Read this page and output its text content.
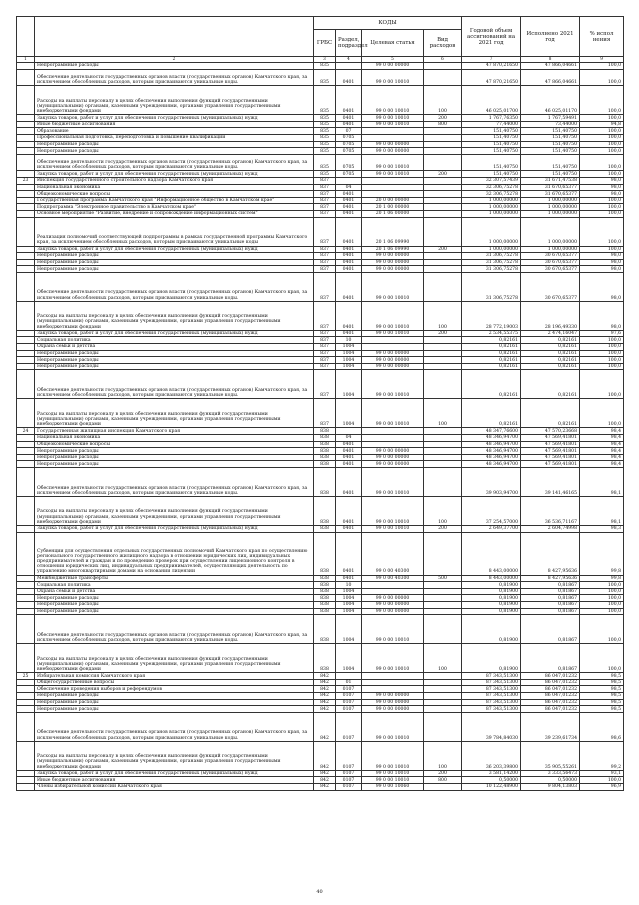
		КОДЫ				Годовой объем ассигнований на 2021 год	Исполнено 2021 год	% испол нения
		ГРБС	Раздел, подраздел	Целевая статья	Вид расходов			
1	2	3	4	5	6	7	8	9
	Непрограммные расходы	835		99 0 00 00000		47 870,21650	47 866,04661	100,0
	Обеспечение деятельности государственных органов власти (государственных органов) Камчатского края, за исключением обособленных расходов, которым присваиваются уникальные коды.	835	0401	99 0 00 10010		47 870,21650	47 866,04661	100,0
	Расходы на выплаты персоналу в целях обеспечения выполнения функций государственными (муниципальными) органами, казенными учреждениями, органами управления государственными внебюджетными фондами	835	0401	99 0 00 10010	100	46 025,01700	46 025,01170	100,0
	Закупка товаров, работ и услуг для обеспечения государственных (муниципальных) нужд	835	0401	99 0 00 10010	200	1 767,76350	1 767,59491	100,0
	Иные бюджетные ассигнования	835	0401	99 0 00 10010	800	77,44000	73,44000	94,8
	Образование	835	07			151,40750	151,40750	100,0
	Профессиональная подготовка, переподготовка и повышение квалификации	835	0705			151,40750	151,40750	100,0
	Непрограммные расходы	835	0705	99 0 00 00000		151,40750	151,40750	100,0
	Непрограммные расходы	835	0705	99 0 00 00000		151,40750	151,40750	100,0
	Обеспечение деятельности государственных органов власти (государственных органов) Камчатского края, за исключением обособленных расходов, которым присваиваются уникальные коды.	835	0705	99 0 00 10010		151,40750	151,40750	100,0
	Закупка товаров, работ и услуг для обеспечения государственных (муниципальных) нужд	835	0705	99 0 00 10010	200	151,40750	151,40750	100,0
23	Инспекция государственного строительного надзора Камчатского края	837				32 307,57439	31 671,47538	98,0
	Национальная экономика	837	04			32 306,75278	31 670,65377	98,0
	Общеэкономические вопросы	837	0401			32 306,75278	31 670,65377	98,0
	Государственная программа Камчатского края "Информационное общество в Камчатском крае"	837	0401	20 0 00 00000		1 000,00000	1 000,00000	100,0
	Подпрограмма "Электронное правительство в Камчатском крае"	837	0401	20 1 00 00000		1 000,00000	1 000,00000	100,0
	Основное мероприятие "Развитие, внедрение и сопровождение информационных систем"	837	0401	20 1 06 00000		1 000,00000	1 000,00000	100,0
	Реализация полномочий соответствующей подпрограммы в рамках государственной программы Камчатского края, за исключением обособленных расходов, которым присваиваются уникальные коды	837	0401	20 1 06 09990		1 000,00000	1 000,00000	100,0
	Закупка товаров, работ и услуг для обеспечения государственных (муниципальных) нужд	837	0401	20 1 06 09990	200	1 000,00000	1 000,00000	100,0
	Непрограммные расходы	837	0401	99 0 00 00000		31 306,75278	30 670,65377	98,0
	Непрограммные расходы	837	0401	99 0 00 00000		31 306,75278	30 670,65377	98,0
	Непрограммные расходы	837	0401	99 0 00 00000		31 306,75278	30 670,65377	98,0
	Обеспечение деятельности государственных органов власти (государственных органов) Камчатского края, за исключением обособленных расходов, которым присваиваются уникальные коды.	837	0401	99 0 00 10010		31 306,75278	30 670,65377	98,0
	Расходы на выплаты персоналу в целях обеспечения выполнения функций государственными (муниципальными) органами, казенными учреждениями, органами управления государственными внебюджетными фондами	837	0401	99 0 00 10010	100	28 772,19003	28 196,49330	98,0
	Закупка товаров, работ и услуг для обеспечения государственных (муниципальных) нужд	837	0401	99 0 00 10010	200	2 534,55375	2 474,16047	97,6
	Социальная политика	837	10			0,82161	0,82161	100,0
	Охрана семьи и детства	837	1004			0,82161	0,82161	100,0
	Непрограммные расходы	837	1004	99 0 00 00000		0,82161	0,82161	100,0
	Непрограммные расходы	837	1004	99 0 00 00000		0,82161	0,82161	100,0
	Непрограммные расходы	837	1004	99 0 00 00000		0,82161	0,82161	100,0
	Обеспечение деятельности государственных органов власти (государственных органов) Камчатского края, за исключением обособленных расходов, которым присваиваются уникальные коды.	837	1004	99 0 00 10010		0,82161	0,82161	100,0
	Расходы на выплаты персоналу в целях обеспечения выполнения функций государственными (муниципальными) органами, казенными учреждениями, органами управления государственными внебюджетными фондами	837	1004	99 0 00 10010	100	0,82161	0,82161	100,0
24	Государственная жилищная инспекция Камчатского края	838				48 347,76600	47 570,23668	98,4
	Национальная экономика	838	04			48 346,94700	47 569,41801	98,4
	Общеэкономические вопросы	838	0401			48 346,94700	47 569,41801	98,4
	Непрограммные расходы	838	0401	99 0 00 00000		48 346,94700	47 569,41801	98,4
	Непрограммные расходы	838	0401	99 0 00 00000		48 346,94700	47 569,41801	98,4
	Непрограммные расходы	838	0401	99 0 00 00000		48 346,94700	47 569,41801	98,4
	Обеспечение деятельности государственных органов власти (государственных органов) Камчатского края, за исключением обособленных расходов, которым присваиваются уникальные коды.	838	0401	99 0 00 10010		39 903,94700	39 141,46165	98,1
	Расходы на выплаты персоналу в целях обеспечения выполнения функций государственными (муниципальными) органами, казенными учреждениями, органами управления государственными внебюджетными фондами	838	0401	99 0 00 10010	100	37 254,57000	36 536,71167	98,1
	Закупка товаров, работ и услуг для обеспечения государственных (муниципальных) нужд	838	0401	99 0 00 10010	200	2 649,37700	2 604,74998	98,3
	Субвенции для осуществления отдельных государственных полномочий Камчатского края по осуществлению регионального государственного жилищного надзора в отношении юридических лиц, индивидуальных предпринимателей и граждан и по проведению проверок при осуществлении лицензионного контроля в отношении юридических лиц, индивидуальных предпринимателей, осуществляющих деятельность по управлению многоквартирными домами на основании лицензии	838	0401	99 0 00 40300		8 443,00000	8 427,95636	99,8
	Межбюджетные трансферты	838	0401	99 0 00 40300	500	8 443,00000	8 427,95636	99,8
	Социальная политика	838	10			0,81900	0,81867	100,0
	Охрана семьи и детства	838	1004			0,81900	0,81867	100,0
	Непрограммные расходы	838	1004	99 0 00 00000		0,81900	0,81867	100,0
	Непрограммные расходы	838	1004	99 0 00 00000		0,81900	0,81867	100,0
	Непрограммные расходы	838	1004	99 0 00 00000		0,81900	0,81867	100,0
	Обеспечение деятельности государственных органов власти (государственных органов) Камчатского края, за исключением обособленных расходов, которым присваиваются уникальные коды.	838	1004	99 0 00 10010		0,81900	0,81867	100,0
	Расходы на выплаты персоналу в целях обеспечения выполнения функций государственными (муниципальными) органами, казенными учреждениями, органами управления государственными внебюджетными фондами	838	1004	99 0 00 10010	100	0,81900	0,81867	100,0
25	Избирательная комиссия Камчатского края	842				87 343,51300	86 047,01232	98,5
	Общегосударственные вопросы	842	01			87 343,51300	86 047,01232	98,5
	Обеспечение проведения выборов и референдумов	842	0107			87 343,51300	86 047,01232	98,5
	Непрограммные расходы	842	0107	99 0 00 00000		87 343,51300	86 047,01232	98,5
	Непрограммные расходы	842	0107	99 0 00 00000		87 343,51300	86 047,01232	98,5
	Непрограммные расходы	842	0107	99 0 00 00000		87 343,51300	86 047,01232	98,5
	Обеспечение деятельности государственных органов власти (государственных органов) Камчатского края, за исключением обособленных расходов, которым присваиваются уникальные коды.	842	0107	99 0 00 10010		39 784,84030	39 239,61734	98,6
	Расходы на выплаты персоналу в целях обеспечения выполнения функций государственными (муниципальными) органами, казенными учреждениями, органами управления государственными внебюджетными фондами	842	0107	99 0 00 10010	100	36 203,39800	35 905,55261	99,2
	Закупка товаров, работ и услуг для обеспечения государственных (муниципальных) нужд	842	0107	99 0 00 10010	200	3 581,14200	3 333,56473	93,1
	Иные бюджетные ассигнования	842	0107	99 0 00 10010	800	0,50000	0,50000	100,0
	Члены избирательной комиссии Камчатского края	842	0107	99 0 00 10060		10 122,48900	9 804,13803	96,9
40
